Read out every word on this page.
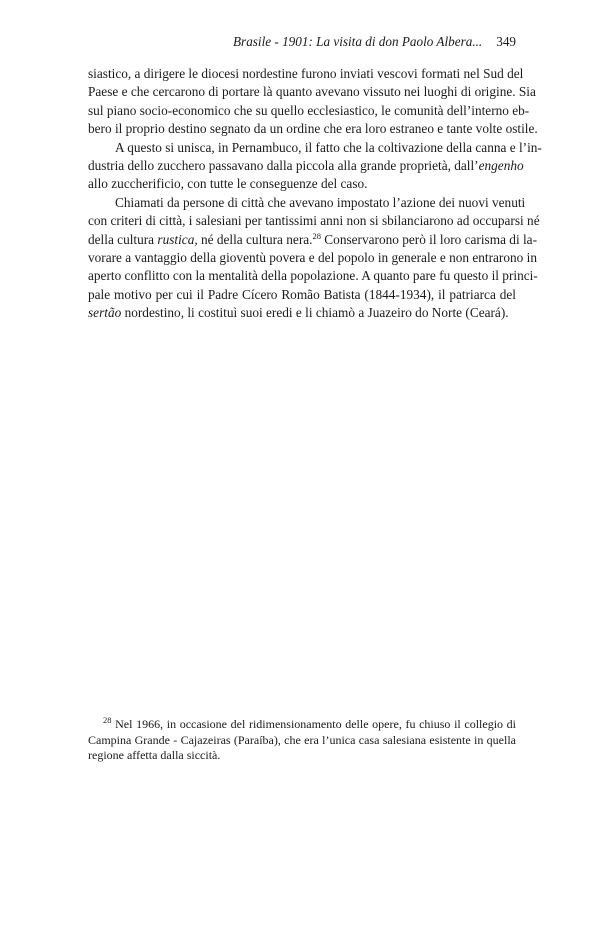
Brasile - 1901: La visita di don Paolo Albera... 349
siastico, a dirigere le diocesi nordestine furono inviati vescovi formati nel Sud del
Paese e che cercarono di portare là quanto avevano vissuto nei luoghi di origine. Sia
sul piano socio-economico che su quello ecclesiastico, le comunità dell’interno eb-
bero il proprio destino segnato da un ordine che era loro estraneo e tante volte ostile.
A questo si unisca, in Pernambuco, il fatto che la coltivazione della canna e l’in-
dustria dello zucchero passavano dalla piccola alla grande proprietà, dall’engenho
allo zuccherificio, con tutte le conseguenze del caso.
Chiamati da persone di città che avevano impostato l’azione dei nuovi venuti
con criteri di città, i salesiani per tantissimi anni non si sbilanciarono ad occuparsi né
della cultura rustica, né della cultura nera.$^{28}$ Conservarono però il loro carisma di la-
vorare a vantaggio della gioventù povera e del popolo in generale e non entrarono in
aperto conflitto con la mentalità della popolazione. A quanto pare fu questo il princi-
pale motivo per cui il Padre Cícero Romão Batista (1844-1934), il patriarca del
sertão nordestino, li costituì suoi eredi e li chiamò a Juazeiro do Norte (Ceará).
$^{28}$ Nel 1966, in occasione del ridimensionamento delle opere, fu chiuso il collegio di
Campina Grande - Cajazeiras (Paraíba), che era l’unica casa salesiana esistente in quella
regione affetta dalla siccità.
